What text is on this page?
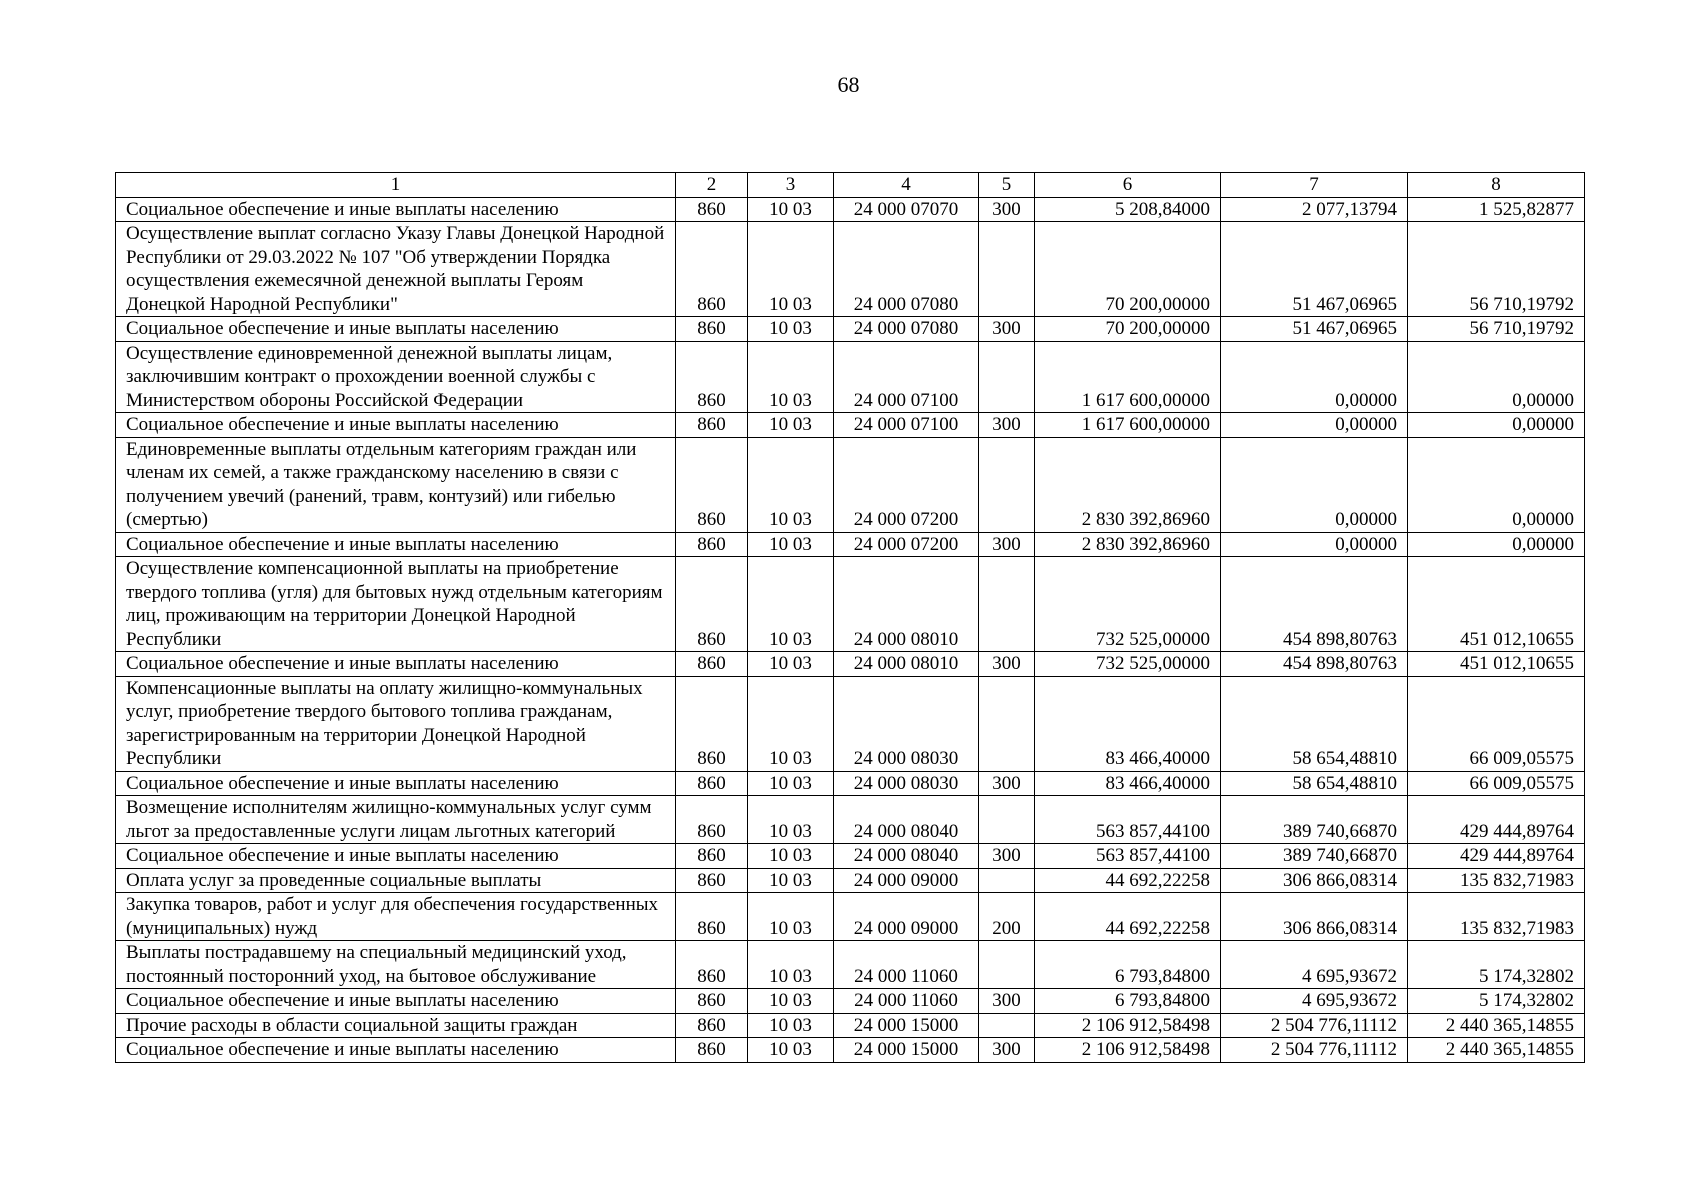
68
1	2	3	4	5	6	7	8
Социальное обеспечение и иные выплаты населению	860	10 03	24 000 07070	300	5 208,84000	2 077,13794	1 525,82877
Осуществление выплат согласно Указу Главы Донецкой Народной Республики от 29.03.2022 № 107 "Об утверждении Порядка осуществления ежемесячной денежной выплаты Героям Донецкой Народной Республики"	860	10 03	24 000 07080		70 200,00000	51 467,06965	56 710,19792
Социальное обеспечение и иные выплаты населению	860	10 03	24 000 07080	300	70 200,00000	51 467,06965	56 710,19792
Осуществление единовременной денежной выплаты лицам, заключившим контракт о прохождении военной службы с Министерством обороны Российской Федерации	860	10 03	24 000 07100		1 617 600,00000	0,00000	0,00000
Социальное обеспечение и иные выплаты населению	860	10 03	24 000 07100	300	1 617 600,00000	0,00000	0,00000
Единовременные выплаты отдельным категориям граждан или членам их семей, а также гражданскому населению в связи с получением увечий (ранений, травм, контузий) или гибелью (смертью)	860	10 03	24 000 07200		2 830 392,86960	0,00000	0,00000
Социальное обеспечение и иные выплаты населению	860	10 03	24 000 07200	300	2 830 392,86960	0,00000	0,00000
Осуществление компенсационной выплаты на приобретение твердого топлива (угля) для бытовых нужд отдельным категориям лиц, проживающим на территории Донецкой Народной Республики	860	10 03	24 000 08010		732 525,00000	454 898,80763	451 012,10655
Социальное обеспечение и иные выплаты населению	860	10 03	24 000 08010	300	732 525,00000	454 898,80763	451 012,10655
Компенсационные выплаты на оплату жилищно-коммунальных услуг, приобретение твердого бытового топлива гражданам, зарегистрированным на территории Донецкой Народной Республики	860	10 03	24 000 08030		83 466,40000	58 654,48810	66 009,05575
Социальное обеспечение и иные выплаты населению	860	10 03	24 000 08030	300	83 466,40000	58 654,48810	66 009,05575
Возмещение исполнителям жилищно-коммунальных услуг сумм льгот за предоставленные услуги лицам льготных категорий	860	10 03	24 000 08040		563 857,44100	389 740,66870	429 444,89764
Социальное обеспечение и иные выплаты населению	860	10 03	24 000 08040	300	563 857,44100	389 740,66870	429 444,89764
Оплата услуг за проведенные социальные выплаты	860	10 03	24 000 09000		44 692,22258	306 866,08314	135 832,71983
Закупка товаров, работ и услуг для обеспечения государственных (муниципальных) нужд	860	10 03	24 000 09000	200	44 692,22258	306 866,08314	135 832,71983
Выплаты пострадавшему на специальный медицинский уход, постоянный посторонний уход, на бытовое обслуживание	860	10 03	24 000 11060		6 793,84800	4 695,93672	5 174,32802
Социальное обеспечение и иные выплаты населению	860	10 03	24 000 11060	300	6 793,84800	4 695,93672	5 174,32802
Прочие расходы в области социальной защиты граждан	860	10 03	24 000 15000		2 106 912,58498	2 504 776,11112	2 440 365,14855
Социальное обеспечение и иные выплаты населению	860	10 03	24 000 15000	300	2 106 912,58498	2 504 776,11112	2 440 365,14855
